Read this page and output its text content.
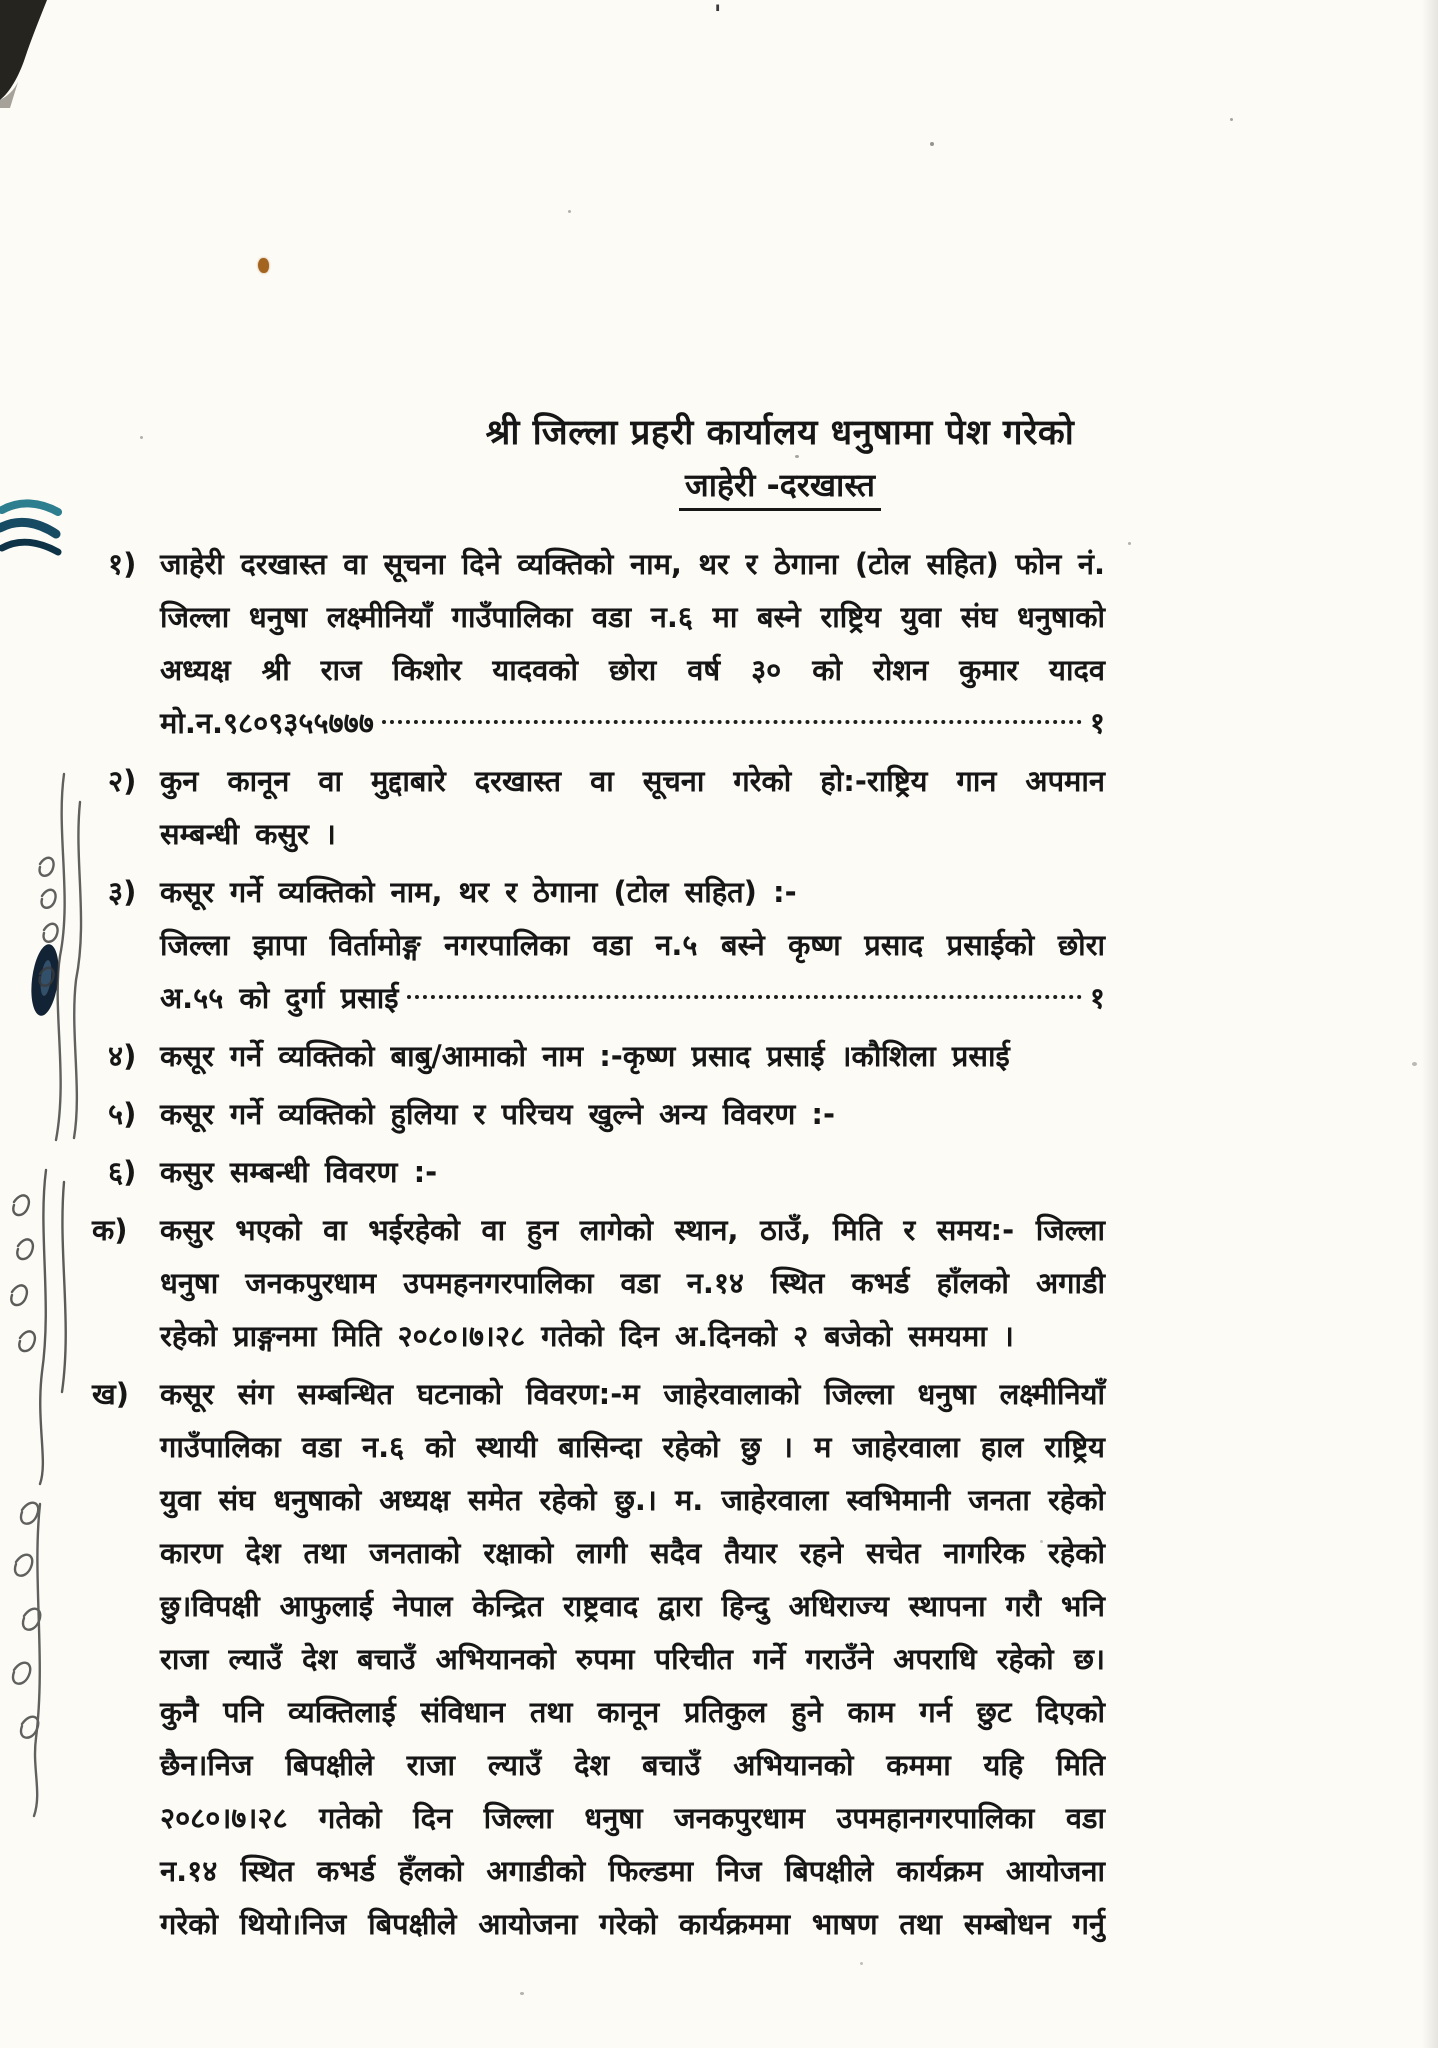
'
श्री जिल्ला प्रहरी कार्यालय धनुषामा पेश गरेको
जाहेरी -दरखास्त
१) जाहेरी दरखास्त वा सूचना दिने व्यक्तिको नाम, थर र ठेगाना (टोल सहित) फोन नं.
जिल्ला धनुषा लक्ष्मीनियाँ गाउँपालिका वडा न.६ मा बस्ने राष्ट्रिय युवा संघ धनुषाको
अध्यक्ष श्री राज किशोर यादवको छोरा वर्ष ३० को रोशन कुमार यादव
मो.न.९८०९३५५७७७	१
२) कुन कानून वा मुद्दाबारे दरखास्त वा सूचना गरेको हो:-राष्ट्रिय गान अपमान
सम्बन्धी कसुर ।
३) कसूर गर्ने व्यक्तिको नाम, थर र ठेगाना (टोल सहित) :-
जिल्ला झापा विर्तामोङ्ग नगरपालिका वडा न.५ बस्ने कृष्ण प्रसाद प्रसाईको छोरा
अ.५५ को दुर्गा प्रसाई	१
४) कसूर गर्ने व्यक्तिको बाबु/आमाको नाम :-कृष्ण प्रसाद प्रसाई ।कौशिला प्रसाई
५) कसूर गर्ने व्यक्तिको हुलिया र परिचय खुल्ने अन्य विवरण :-
६) कसुर सम्बन्धी विवरण :-
क)	कसुर भएको वा भईरहेको वा हुन लागेको स्थान, ठाउँ, मिति र समय:- जिल्ला
धनुषा जनकपुरधाम उपमहनगरपालिका वडा न.१४ स्थित कभर्ड हाँलको अगाडी
रहेको प्राङ्गनमा मिति २०८०।७।२८ गतेको दिन अ.दिनको २ बजेको समयमा ।
ख)	कसूर संग सम्बन्धित घटनाको विवरण:-म जाहेरवालाको जिल्ला धनुषा लक्ष्मीनियाँ
गाउँपालिका वडा न.६ को स्थायी बासिन्दा रहेको छु । म जाहेरवाला हाल राष्ट्रिय
युवा संघ धनुषाको अध्यक्ष समेत रहेको छु.। म. जाहेरवाला स्वभिमानी जनता रहेको
कारण देश तथा जनताको रक्षाको लागी सदैव तैयार रहने सचेत नागरिक रहेको
छु।विपक्षी आफुलाई नेपाल केन्द्रित राष्ट्रवाद द्वारा हिन्दु अधिराज्य स्थापना गरौ भनि
राजा ल्याउँ देश बचाउँ अभियानको रुपमा परिचीत गर्ने गराउँने अपराधि रहेको छ।
कुनै पनि व्यक्तिलाई संविधान तथा कानून प्रतिकुल हुने काम गर्न छुट दिएको
छैन।निज बिपक्षीले राजा ल्याउँ देश बचाउँ अभियानको कममा यहि मिति
२०८०।७।२८ गतेको दिन जिल्ला धनुषा जनकपुरधाम उपमहानगरपालिका वडा
न.१४ स्थित कभर्ड हँलको अगाडीको फिल्डमा निज बिपक्षीले कार्यक्रम आयोजना
गरेको थियो।निज बिपक्षीले आयोजना गरेको कार्यक्रममा भाषण तथा सम्बोधन गर्नु
